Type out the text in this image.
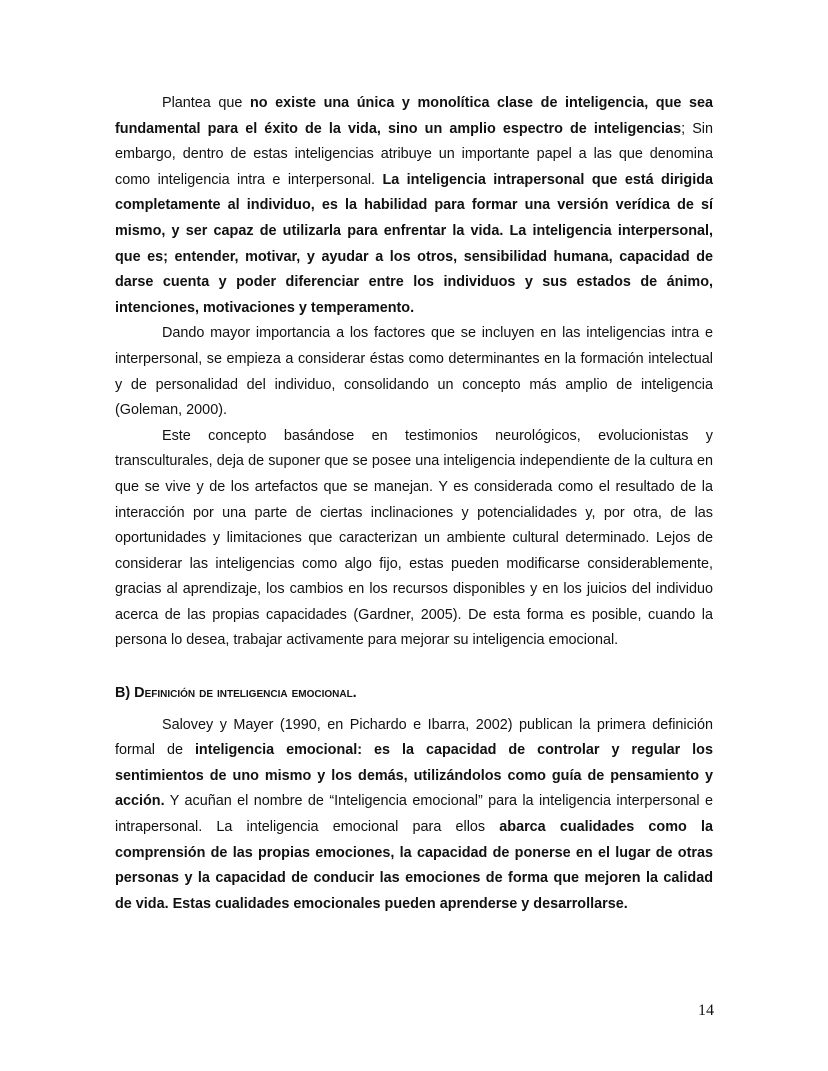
Plantea que no existe una única y monolítica clase de inteligencia, que sea fundamental para el éxito de la vida, sino un amplio espectro de inteligencias; Sin embargo, dentro de estas inteligencias atribuye un importante papel a las que denomina como inteligencia intra e interpersonal. La inteligencia intrapersonal que está dirigida completamente al individuo, es la habilidad para formar una versión verídica de sí mismo, y ser capaz de utilizarla para enfrentar la vida. La inteligencia interpersonal, que es; entender, motivar, y ayudar a los otros, sensibilidad humana, capacidad de darse cuenta y poder diferenciar entre los individuos y sus estados de ánimo, intenciones, motivaciones y temperamento.

Dando mayor importancia a los factores que se incluyen en las inteligencias intra e interpersonal, se empieza a considerar éstas como determinantes en la formación intelectual y de personalidad del individuo, consolidando un concepto más amplio de inteligencia (Goleman, 2000).

Este concepto basándose en testimonios neurológicos, evolucionistas y transculturales, deja de suponer que se posee una inteligencia independiente de la cultura en que se vive y de los artefactos que se manejan. Y es considerada como el resultado de la interacción por una parte de ciertas inclinaciones y potencialidades y, por otra, de las oportunidades y limitaciones que caracterizan un ambiente cultural determinado. Lejos de considerar las inteligencias como algo fijo, estas pueden modificarse considerablemente, gracias al aprendizaje, los cambios en los recursos disponibles y en los juicios del individuo acerca de las propias capacidades (Gardner, 2005). De esta forma es posible, cuando la persona lo desea, trabajar activamente para mejorar su inteligencia emocional.

B) Definición de inteligencia emocional.

Salovey y Mayer (1990, en Pichardo e Ibarra, 2002) publican la primera definición formal de inteligencia emocional: es la capacidad de controlar y regular los sentimientos de uno mismo y los demás, utilizándolos como guía de pensamiento y acción. Y acuñan el nombre de “Inteligencia emocional” para la inteligencia interpersonal e intrapersonal. La inteligencia emocional para ellos abarca cualidades como la comprensión de las propias emociones, la capacidad de ponerse en el lugar de otras personas y la capacidad de conducir las emociones de forma que mejoren la calidad de vida. Estas cualidades emocionales pueden aprenderse y desarrollarse.

14
